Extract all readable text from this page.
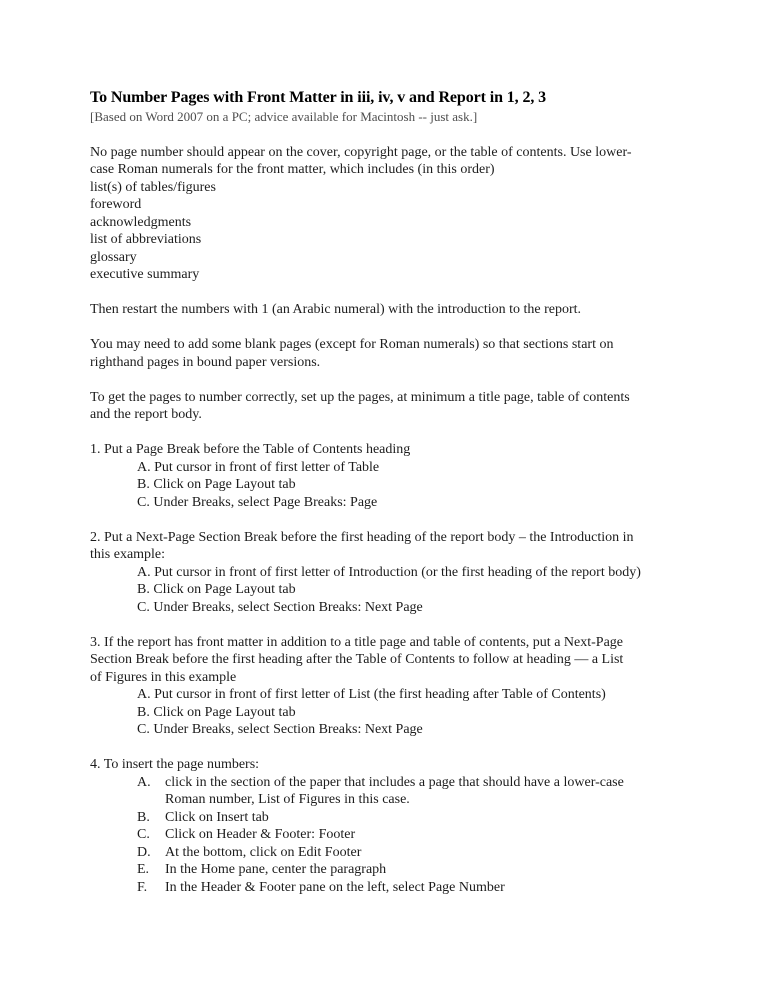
To Number Pages with Front Matter in iii, iv, v and Report in 1, 2, 3
[Based on Word 2007 on a PC; advice available for Macintosh -- just ask.]
No page number should appear on the cover, copyright page, or the table of contents. Use lower-
case Roman numerals for the front matter, which includes (in this order)
list(s) of tables/figures
foreword
acknowledgments
list of abbreviations
glossary
executive summary
Then restart the numbers with 1 (an Arabic numeral) with the introduction to the report.
You may need to add some blank pages (except for Roman numerals) so that sections start on
righthand pages in bound paper versions.
To get the pages to number correctly, set up the pages, at minimum a title page, table of contents
and the report body.
1. Put a Page Break before the Table of Contents heading
A. Put cursor in front of first letter of Table
B. Click on Page Layout tab
C. Under Breaks, select Page Breaks: Page
2. Put a Next-Page Section Break before the first heading of the report body – the Introduction in
this example:
A. Put cursor in front of first letter of Introduction (or the first heading of the report body)
B. Click on Page Layout tab
C. Under Breaks, select Section Breaks: Next Page
3. If the report has front matter in addition to a title page and table of contents, put a Next-Page
Section Break before the first heading after the Table of Contents to follow at heading — a List
of Figures in this example
A. Put cursor in front of first letter of List (the first heading after Table of Contents)
B. Click on Page Layout tab
C. Under Breaks, select Section Breaks: Next Page
4. To insert the page numbers:
A.	click in the section of the paper that includes a page that should have a lower-case
Roman number, List of Figures in this case.
B.	Click on Insert tab
C.	Click on Header & Footer: Footer
D.	At the bottom, click on Edit Footer
E.	In the Home pane, center the paragraph
F.	In the Header & Footer pane on the left, select Page Number
